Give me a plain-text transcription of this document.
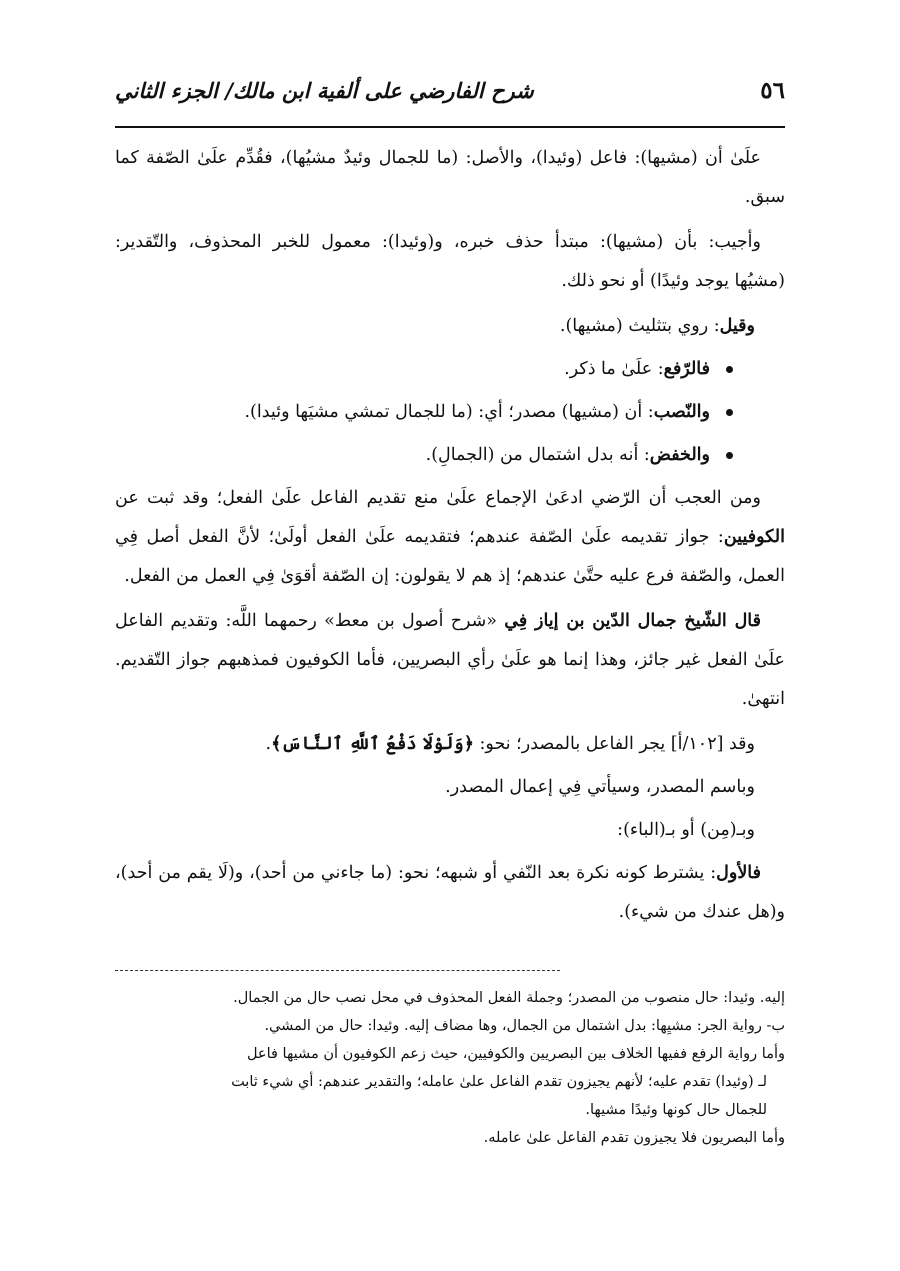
٥٦
شرح الفارضي على ألفية ابن مالك/ الجزء الثاني

علَىٰ أن (مشيها): فاعل (وئيدا)، والأصل: (ما للجمال وئيدٌ مشيُها)، فقُدِّم علَىٰ الصّفة كما سبق.

وأجيب: بأن (مشيها): مبتدأ حذف خبره، و(وئيدا): معمول للخبر المحذوف، والتّقدير: (مشيُها يوجد وئيدًا) أو نحو ذلك.

وقيل: روي بتثليث (مشيها).

فالرّفع: علَىٰ ما ذكر.
والنّصب: أن (مشيها) مصدر؛ أي: (ما للجمال تمشي مشيَها وئيدا).
والخفض: أنه بدل اشتمال من (الجمالِ).

ومن العجب أن الرّضي ادعَىٰ الإجماع علَىٰ منع تقديم الفاعل علَىٰ الفعل؛ وقد ثبت عن الكوفيين: جواز تقديمه علَىٰ الصّفة عندهم؛ فتقديمه علَىٰ الفعل أولَىٰ؛ لأنَّ الفعل أصل فِي العمل، والصّفة فرع عليه حتَّىٰ عندهم؛ إذ هم لا يقولون: إن الصّفة أقوَىٰ فِي العمل من الفعل.

قال الشّيخ جمال الدّين بن إياز فِي «شرح أصول بن معط» رحمهما اللَّه: وتقديم الفاعل علَىٰ الفعل غير جائز، وهذا إنما هو علَىٰ رأي البصريين، فأما الكوفيون فمذهبهم جواز التّقديم. انتهىٰ.

وقد [١٠٢/أ] يجر الفاعل بالمصدر؛ نحو: ﴿وَلَوْلَا دَفْعُ ٱللَّهِ ٱلنَّاسَ﴾.

وباسم المصدر، وسيأتي فِي إعمال المصدر.

وبـ(مِن) أو بـ(الباء):

فالأول: يشترط كونه نكرة بعد النّفي أو شبهه؛ نحو: (ما جاءني من أحد)، و(لَا يقم من أحد)، و(هل عندك من شيء).

إليه. وئيدا: حال منصوب من المصدر؛ وجملة الفعل المحذوف في محل نصب حال من الجمال.

ب- رواية الجر: مشيِها: بدل اشتمال من الجمال، وها مضاف إليه. وئيدا: حال من المشي.

وأما رواية الرفع ففيها الخلاف بين البصريين والكوفيين، حيث زعم الكوفيون أن مشيها فاعل

لـ (وئيدا) تقدم عليه؛ لأنهم يجيزون تقدم الفاعل علىٰ عامله؛ والتقدير عندهم: أي شيء ثابت

للجمال حال كونها وئيدًا مشيها.

وأما البصريون فلا يجيزون تقدم الفاعل علىٰ عامله.
